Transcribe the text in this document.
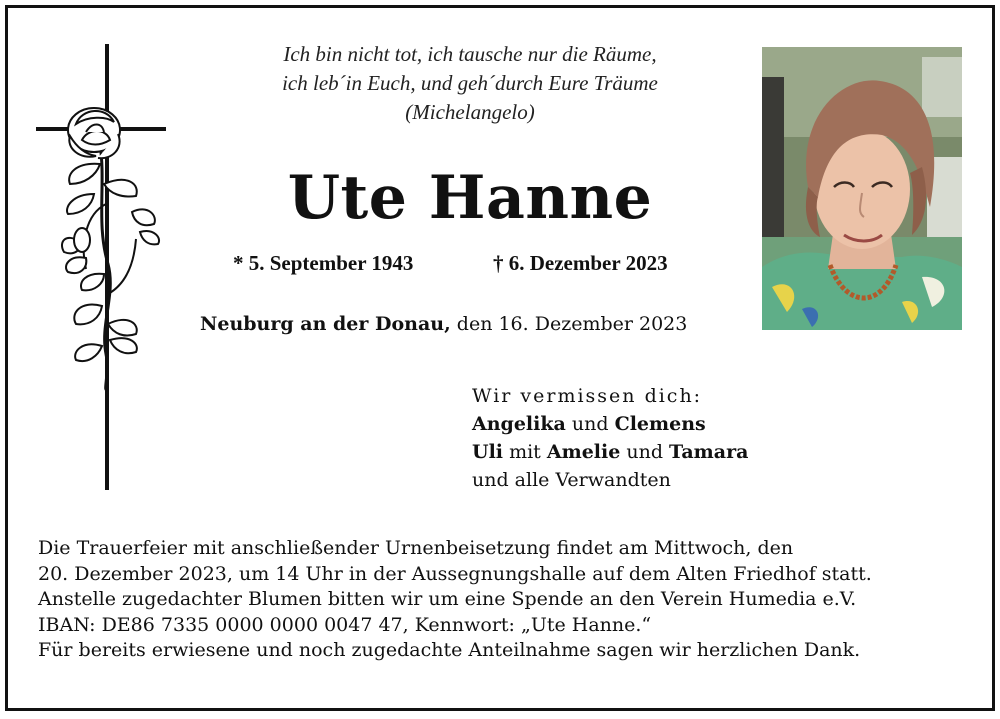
Ich bin nicht tot, ich tausche nur die Räume,
ich leb´in Euch, und geh´durch Eure Träume
(Michelangelo)
Ute Hanne
* 5. September 1943	† 6. Dezember 2023
Neuburg an der Donau, den 16. Dezember 2023
Wir vermissen dich:
Angelika und Clemens
Uli mit Amelie und Tamara
und alle Verwandten
Die Trauerfeier mit anschließender Urnenbeisetzung findet am Mittwoch, den
20. Dezember 2023, um 14 Uhr in der Aussegnungshalle auf dem Alten Friedhof statt.
Anstelle zugedachter Blumen bitten wir um eine Spende an den Verein Humedia e.V.
IBAN: DE86 7335 0000 0000 0047 47, Kennwort: „Ute Hanne.“
Für bereits erwiesene und noch zugedachte Anteilnahme sagen wir herzlichen Dank.
